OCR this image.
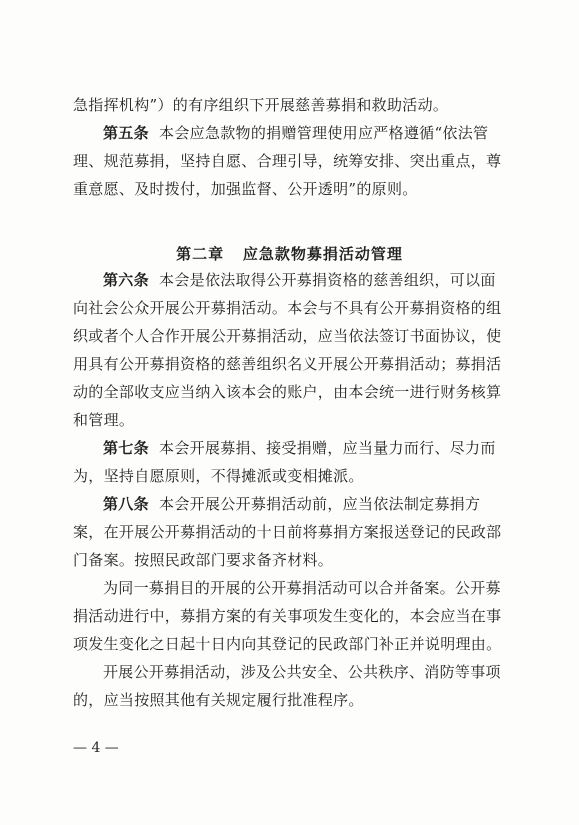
急指挥机构”）的有序组织下开展慈善募捐和救助活动。
第五条 本会应急款物的捐赠管理使用应严格遵循“依法管
理、规范募捐，坚持自愿、合理引导，统筹安排、突出重点，尊
重意愿、及时拨付，加强监督、公开透明”的原则。
第二章 应急款物募捐活动管理
第六条 本会是依法取得公开募捐资格的慈善组织，可以面
向社会公众开展公开募捐活动。本会与不具有公开募捐资格的组
织或者个人合作开展公开募捐活动，应当依法签订书面协议，使
用具有公开募捐资格的慈善组织名义开展公开募捐活动；募捐活
动的全部收支应当纳入该本会的账户，由本会统一进行财务核算
和管理。
第七条 本会开展募捐、接受捐赠，应当量力而行、尽力而
为，坚持自愿原则，不得摊派或变相摊派。
第八条 本会开展公开募捐活动前，应当依法制定募捐方
案，在开展公开募捐活动的十日前将募捐方案报送登记的民政部
门备案。按照民政部门要求备齐材料。
为同一募捐目的开展的公开募捐活动可以合并备案。公开募
捐活动进行中，募捐方案的有关事项发生变化的，本会应当在事
项发生变化之日起十日内向其登记的民政部门补正并说明理由。
开展公开募捐活动，涉及公共安全、公共秩序、消防等事项
的，应当按照其他有关规定履行批准程序。
— 4 —
